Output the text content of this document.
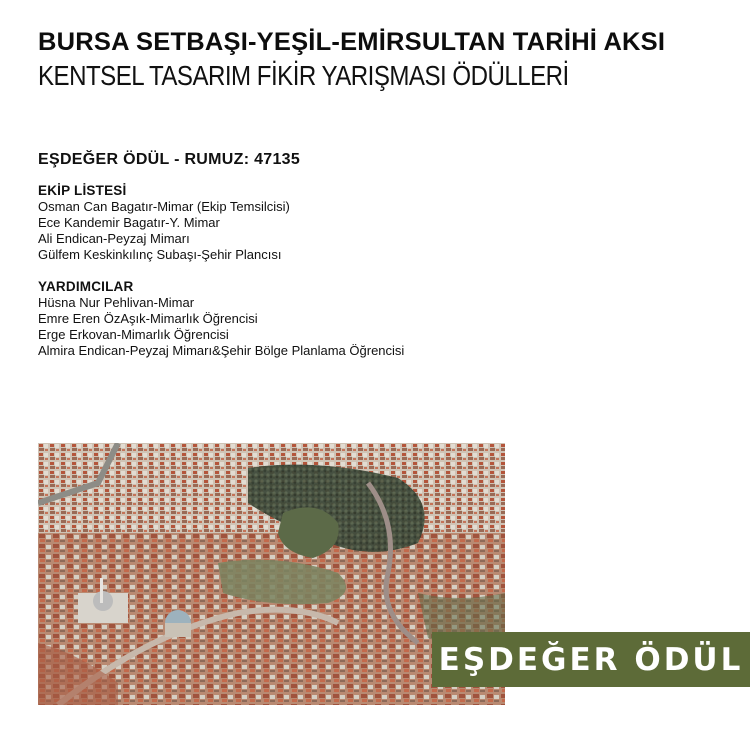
BURSA SETBAŞI-YEŞİL-EMİRSULTAN TARİHİ AKSI
KENTSEL TASARIM FİKİR YARIŞMASI ÖDÜLLERİ
EŞDEĞER ÖDÜL - RUMUZ: 47135
EKİP LİSTESİ
Osman Can Bagatır-Mimar (Ekip Temsilcisi)
Ece Kandemir Bagatır-Y. Mimar
Ali Endican-Peyzaj Mimarı
Gülfem Keskinkılınç Subaşı-Şehir Plancısı
YARDIMCILAR
Hüsna Nur Pehlivan-Mimar
Emre Eren ÖzAşık-Mimarlık Öğrencisi
Erge Erkovan-Mimarlık Öğrencisi
Almira Endican-Peyzaj Mimarı&Şehir Bölge Planlama Öğrencisi
EŞDEĞER ÖDÜL
